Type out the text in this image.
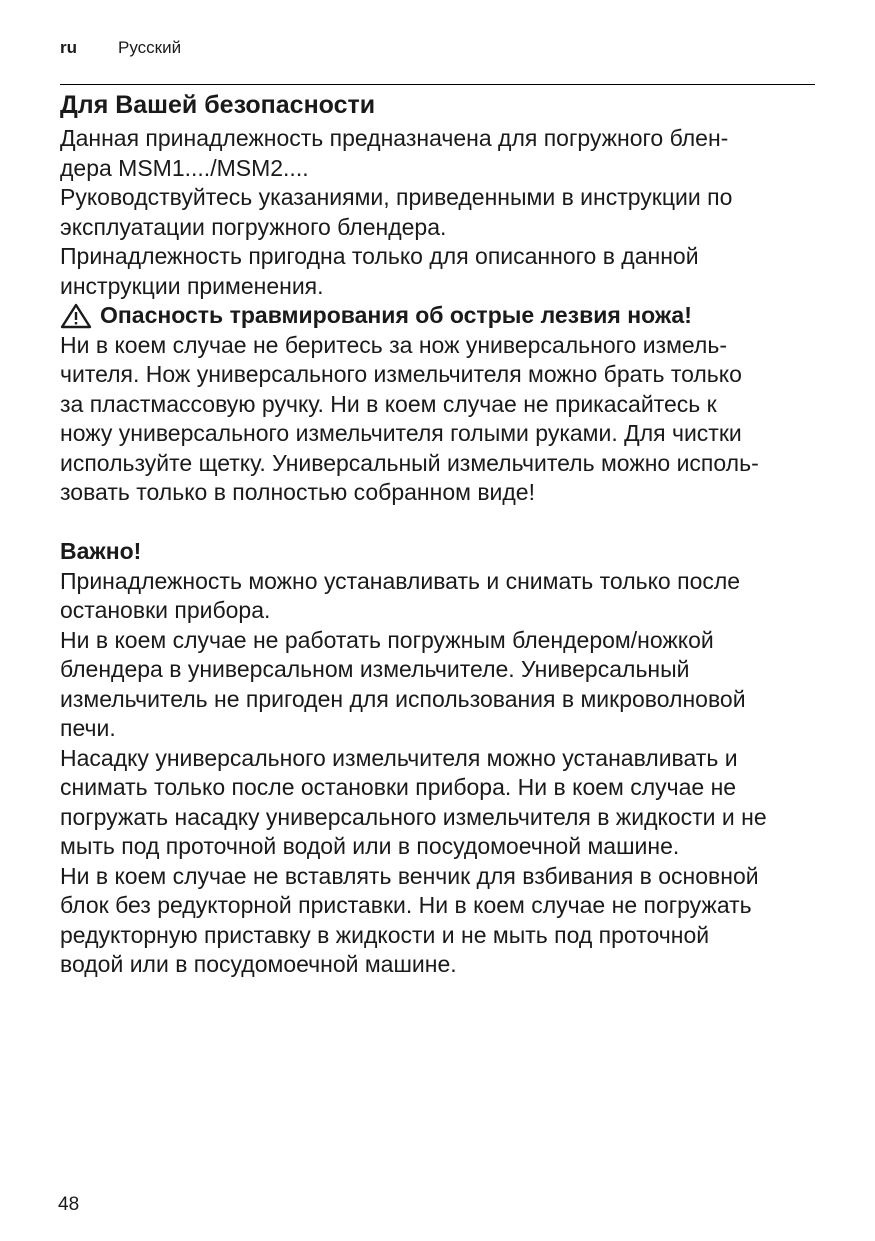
ru Русский
Для Вашей безопасности
Данная принадлежность предназначена для погружного блен-
дера MSM1..../MSM2....
Руководствуйтесь указаниями, приведенными в инструкции по
эксплуатации погружного блендера.
Принадлежность пригодна только для описанного в данной
инструкции применения.
Опасность травмирования об острые лезвия ножа!
Ни в коем случае не беритесь за нож универсального измель-
чителя. Нож универсального измельчителя можно брать только
за пластмассовую ручку. Ни в коем случае не прикасайтесь к
ножу универсального измельчителя голыми руками. Для чистки
используйте щетку. Универсальный измельчитель можно исполь-
зовать только в полностью собранном виде!
Важно!
Принадлежность можно устанавливать и снимать только после
остановки прибора.
Ни в коем случае не работать погружным блендером/ножкой
блендера в универсальном измельчителе. Универсальный
измельчитель не пригоден для использования в микроволновой
печи.
Насадку универсального измельчителя можно устанавливать и
снимать только после остановки прибора. Ни в коем случае не
погружать насадку универсального измельчителя в жидкости и не
мыть под проточной водой или в посудомоечной машине.
Ни в коем случае не вставлять венчик для взбивания в основной
блок без редукторной приставки. Ни в коем случае не погружать
редукторную приставку в жидкости и не мыть под проточной
водой или в посудомоечной машине.
48
